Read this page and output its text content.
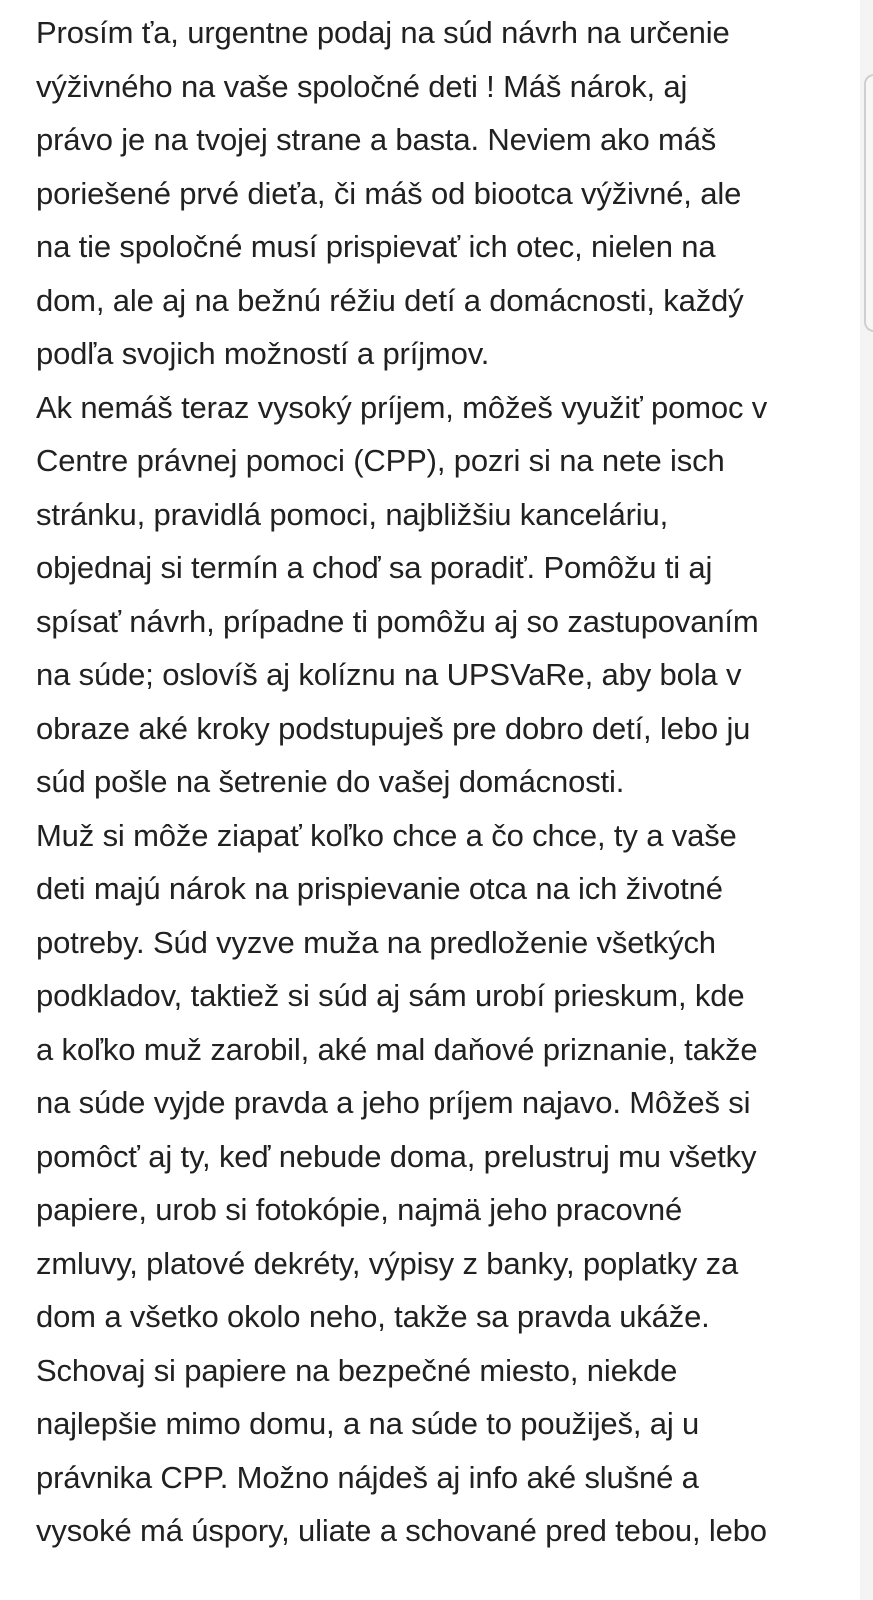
Prosím ťa, urgentne podaj na súd návrh na určenie
výživného na vaše spoločné deti ! Máš nárok, aj
právo je na tvojej strane a basta. Neviem ako máš
poriešené prvé dieťa, či máš od biootca výživné, ale
na tie spoločné musí prispievať ich otec, nielen na
dom, ale aj na bežnú réžiu detí a domácnosti, každý
podľa svojich možností a príjmov.
Ak nemáš teraz vysoký príjem, môžeš využiť pomoc v
Centre právnej pomoci (CPP), pozri si na nete isch
stránku, pravidlá pomoci, najbližšiu kanceláriu,
objednaj si termín a choď sa poradiť. Pomôžu ti aj
spísať návrh, prípadne ti pomôžu aj so zastupovaním
na súde; oslovíš aj kolíznu na UPSVaRe, aby bola v
obraze aké kroky podstupuješ pre dobro detí, lebo ju
súd pošle na šetrenie do vašej domácnosti.
Muž si môže ziapať koľko chce a čo chce, ty a vaše
deti majú nárok na prispievanie otca na ich životné
potreby. Súd vyzve muža na predloženie všetkých
podkladov, taktiež si súd aj sám urobí prieskum, kde
a koľko muž zarobil, aké mal daňové priznanie, takže
na súde vyjde pravda a jeho príjem najavo. Môžeš si
pomôcť aj ty, keď nebude doma, prelustruj mu všetky
papiere, urob si fotokópie, najmä jeho pracovné
zmluvy, platové dekréty, výpisy z banky, poplatky za
dom a všetko okolo neho, takže sa pravda ukáže.
Schovaj si papiere na bezpečné miesto, niekde
najlepšie mimo domu, a na súde to použiješ, aj u
právnika CPP. Možno nájdeš aj info aké slušné a
vysoké má úspory, uliate a schované pred tebou, lebo
